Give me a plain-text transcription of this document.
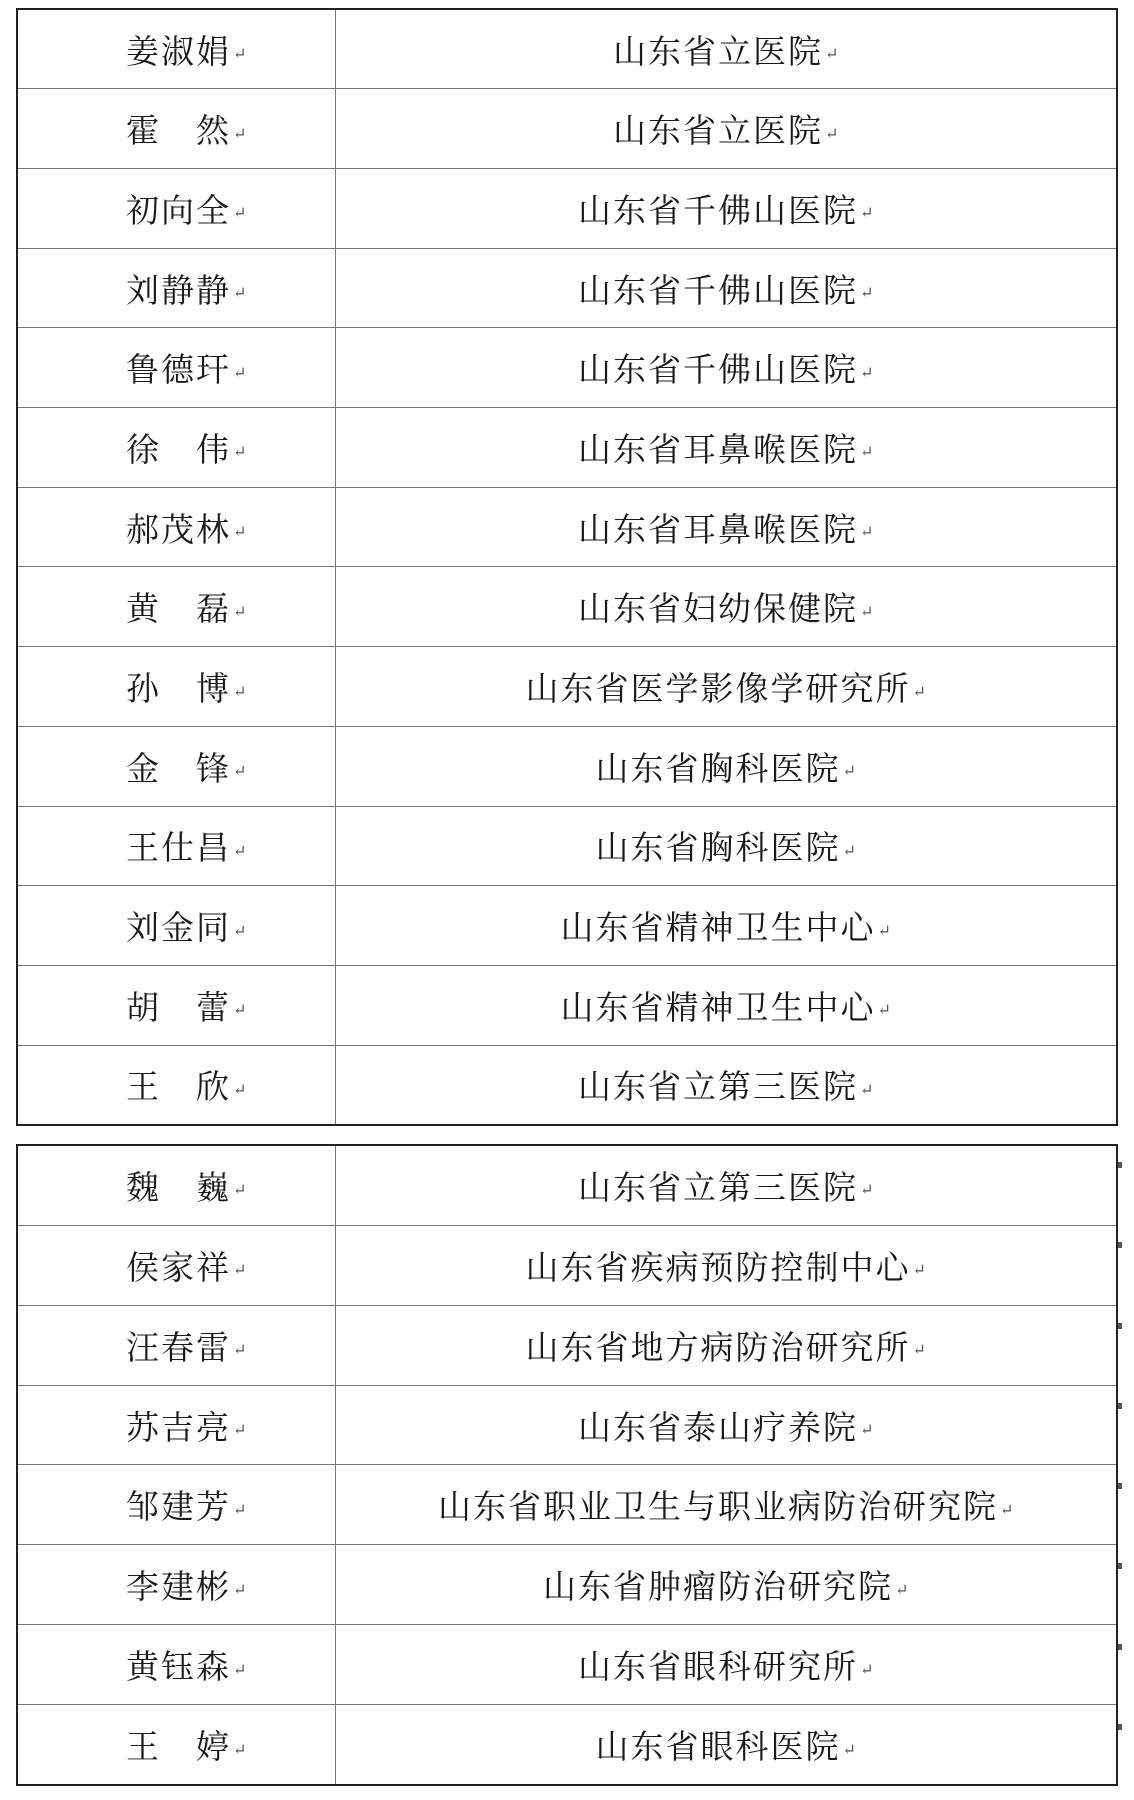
姜淑娟 ↵	山东省立医院 ↵
霍　然 ↵	山东省立医院 ↵
初向全 ↵	山东省千佛山医院 ↵
刘静静 ↵	山东省千佛山医院 ↵
鲁德玕 ↵	山东省千佛山医院 ↵
徐　伟 ↵	山东省耳鼻喉医院 ↵
郝茂林 ↵	山东省耳鼻喉医院 ↵
黄　磊 ↵	山东省妇幼保健院 ↵
孙　博 ↵	山东省医学影像学研究所 ↵
金　锋 ↵	山东省胸科医院 ↵
王仕昌 ↵	山东省胸科医院 ↵
刘金同 ↵	山东省精神卫生中心 ↵
胡　蕾 ↵	山东省精神卫生中心 ↵
王　欣 ↵	山东省立第三医院 ↵
魏　巍 ↵	山东省立第三医院 ↵
侯家祥 ↵	山东省疾病预防控制中心 ↵
汪春雷 ↵	山东省地方病防治研究所 ↵
苏吉亮 ↵	山东省泰山疗养院 ↵
邹建芳 ↵	山东省职业卫生与职业病防治研究院 ↵
李建彬 ↵	山东省肿瘤防治研究院 ↵
黄钰森 ↵	山东省眼科研究所 ↵
王　婷 ↵	山东省眼科医院 ↵
